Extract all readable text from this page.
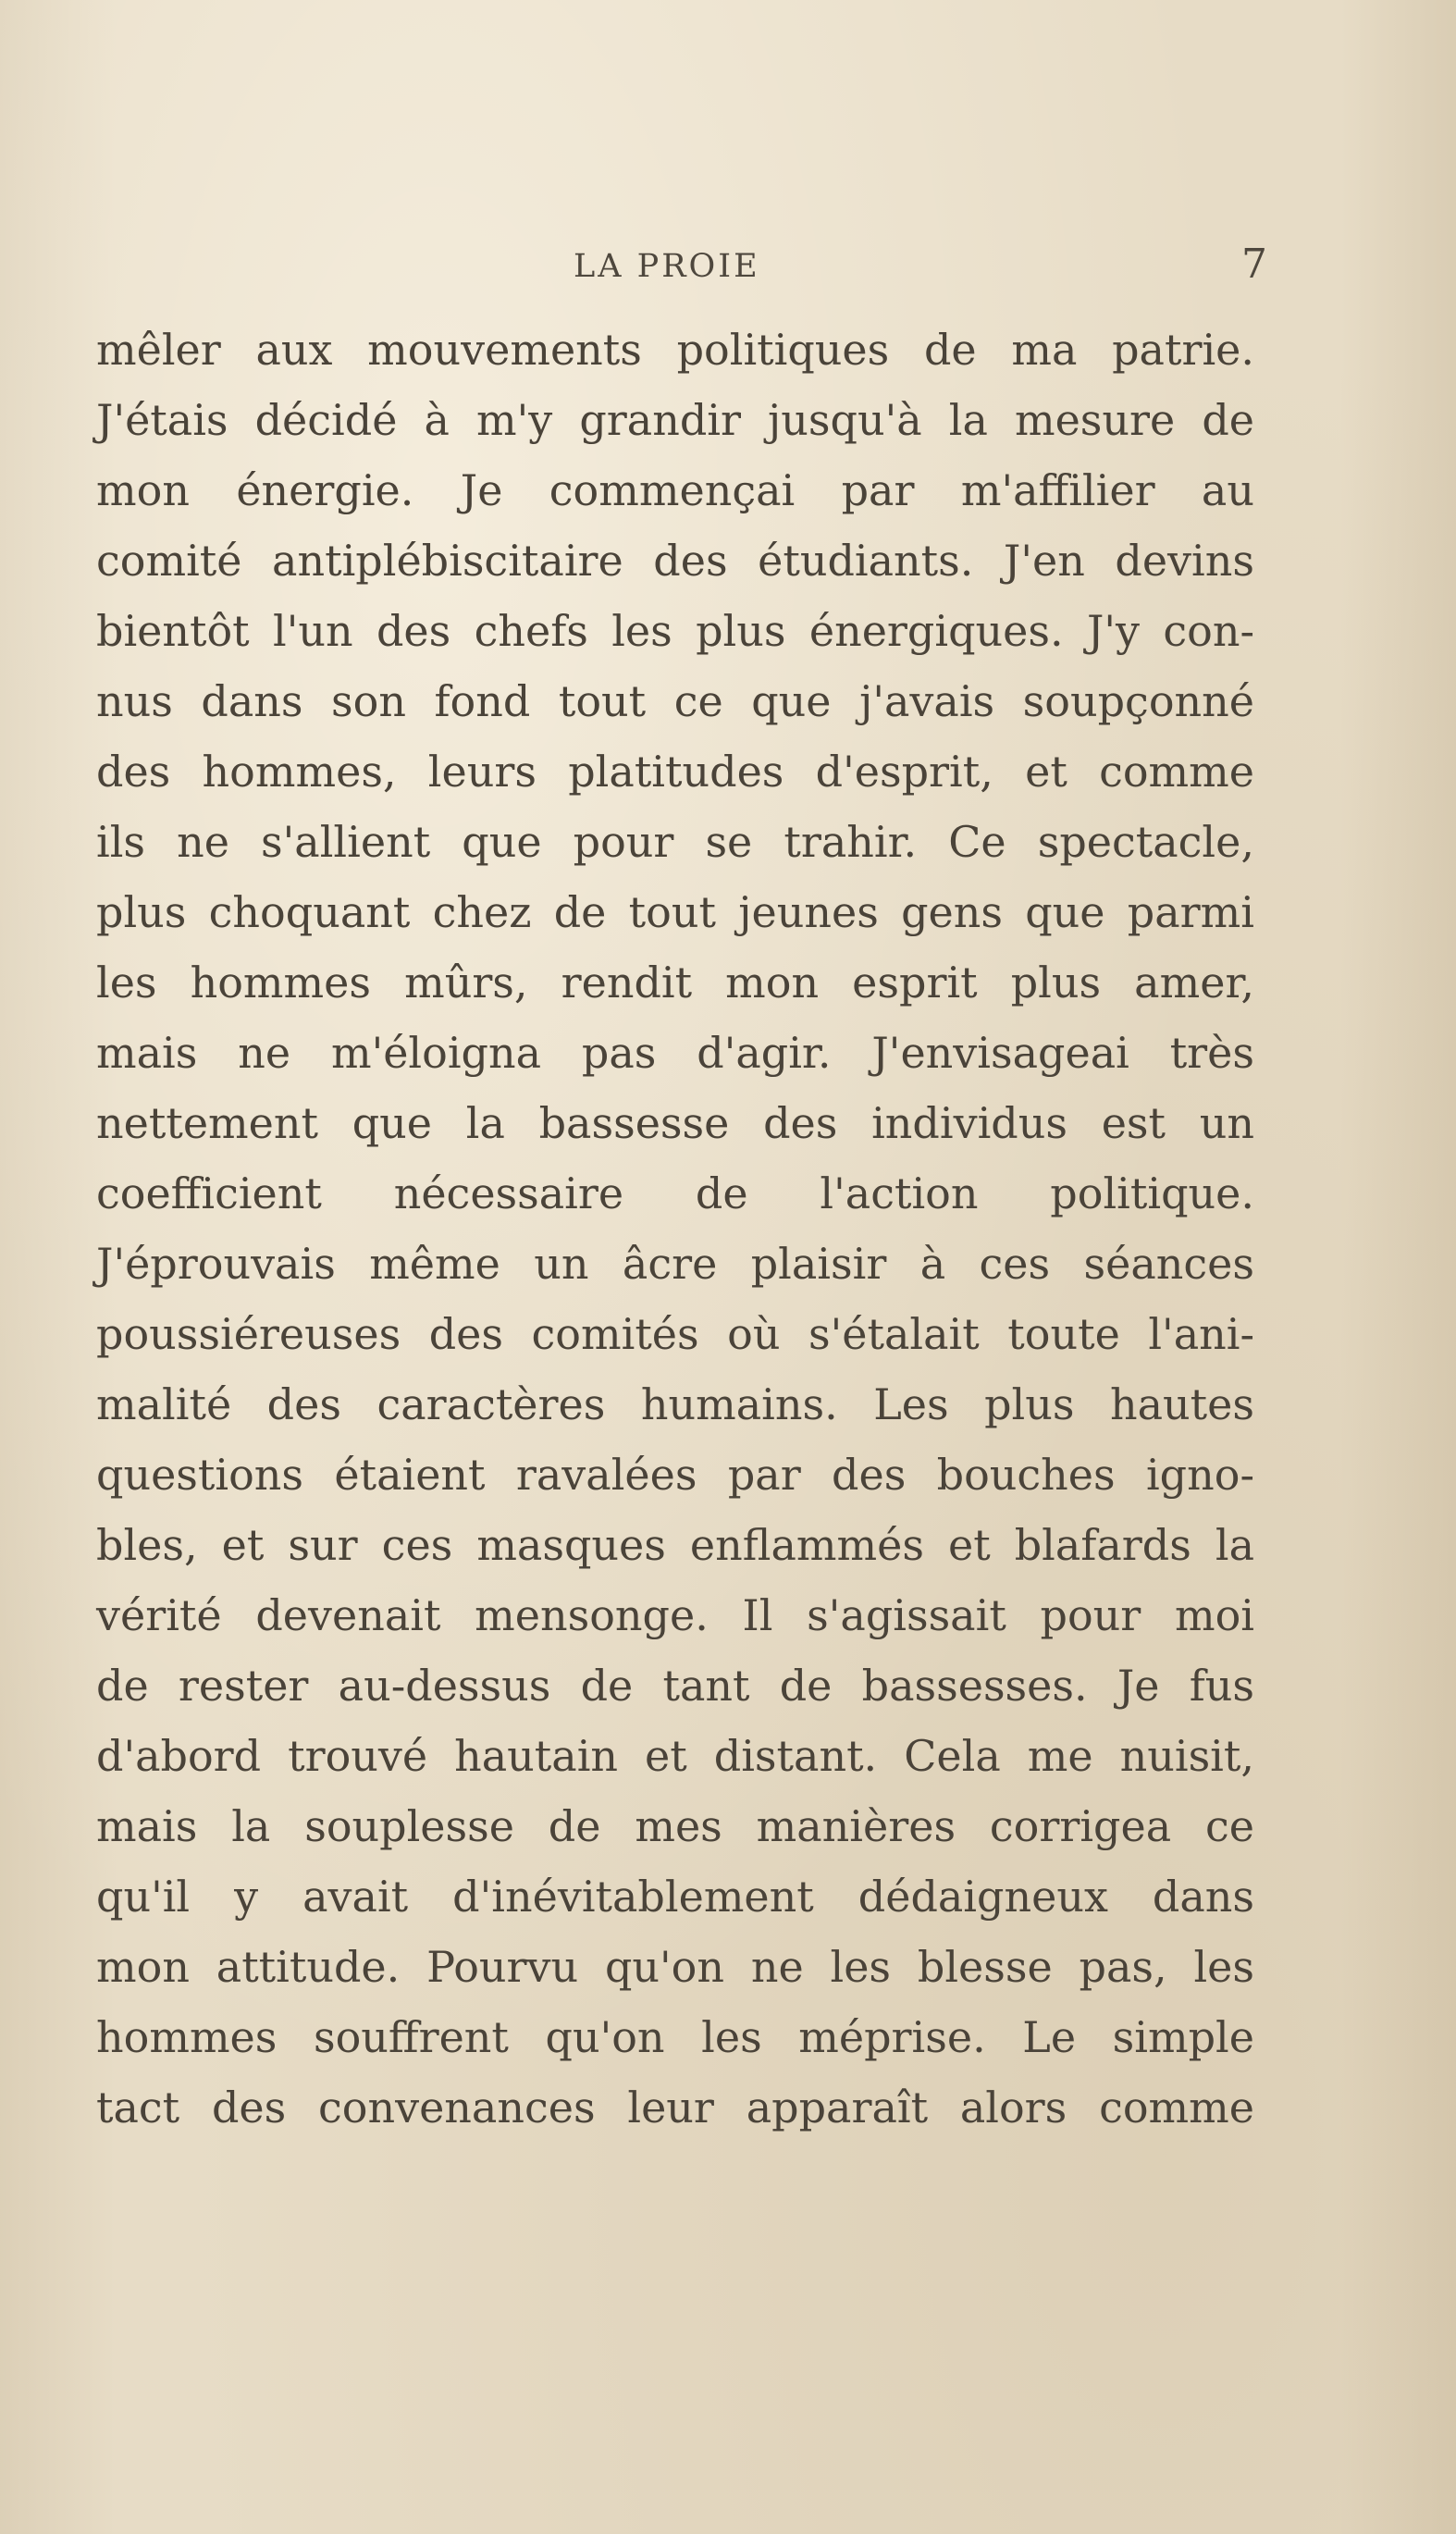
LA PROIE	7
mêler aux mouvements politiques de ma patrie.
J'étais décidé à m'y grandir jusqu'à la mesure de
mon énergie. Je commençai par m'affilier au
comité antiplébiscitaire des étudiants. J'en devins
bientôt l'un des chefs les plus énergiques. J'y con-
nus dans son fond tout ce que j'avais soupçonné
des hommes, leurs platitudes d'esprit, et comme
ils ne s'allient que pour se trahir. Ce spectacle,
plus choquant chez de tout jeunes gens que parmi
les hommes mûrs, rendit mon esprit plus amer,
mais ne m'éloigna pas d'agir. J'envisageai très
nettement que la bassesse des individus est un
coefficient nécessaire de l'action politique.
J'éprouvais même un âcre plaisir à ces séances
poussiéreuses des comités où s'étalait toute l'ani-
malité des caractères humains. Les plus hautes
questions étaient ravalées par des bouches igno-
bles, et sur ces masques enflammés et blafards la
vérité devenait mensonge. Il s'agissait pour moi
de rester au-dessus de tant de bassesses. Je fus
d'abord trouvé hautain et distant. Cela me nuisit,
mais la souplesse de mes manières corrigea ce
qu'il y avait d'inévitablement dédaigneux dans
mon attitude. Pourvu qu'on ne les blesse pas, les
hommes souffrent qu'on les méprise. Le simple
tact des convenances leur apparaît alors comme
